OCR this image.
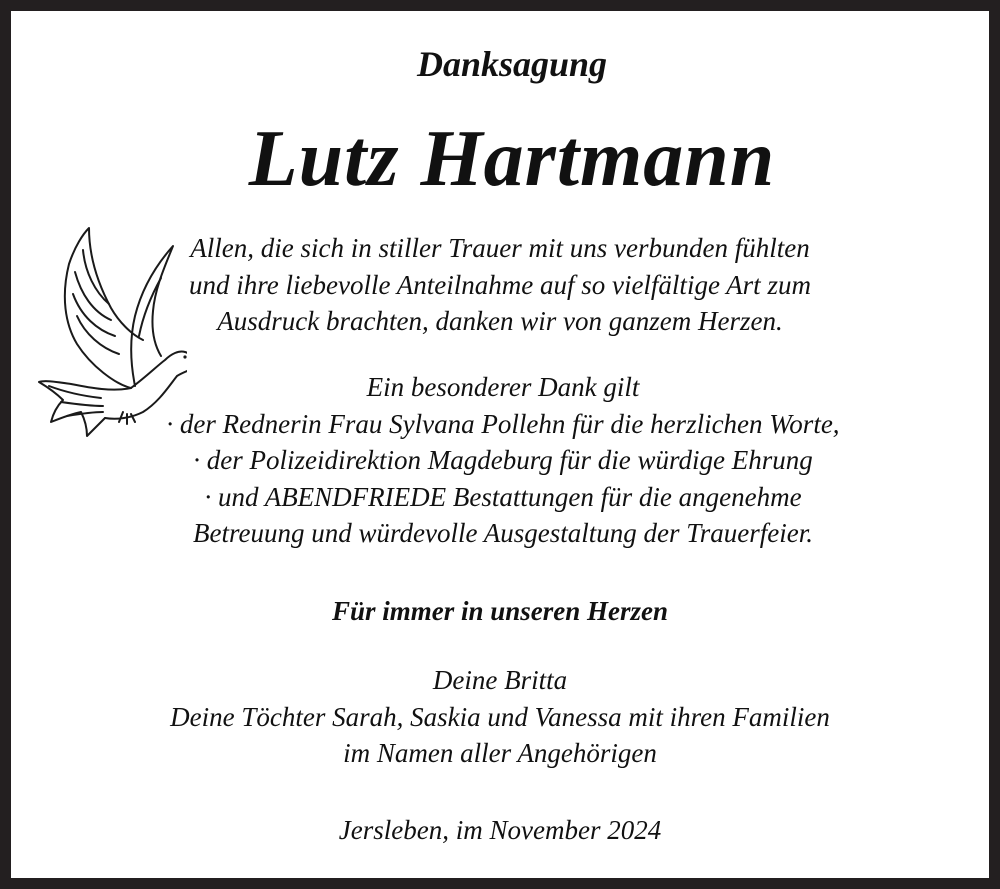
Danksagung
Lutz Hartmann
Allen, die sich in stiller Trauer mit uns verbunden fühlten
und ihre liebevolle Anteilnahme auf so vielfältige Art zum
Ausdruck brachten, danken wir von ganzem Herzen.
Ein besonderer Dank gilt
· der Rednerin Frau Sylvana Pollehn für die herzlichen Worte,
· der Polizeidirektion Magdeburg für die würdige Ehrung
· und ABENDFRIEDE Bestattungen für die angenehme
Betreuung und würdevolle Ausgestaltung der Trauerfeier.
Für immer in unseren Herzen
Deine Britta
Deine Töchter Sarah, Saskia und Vanessa mit ihren Familien
im Namen aller Angehörigen
Jersleben, im November 2024
